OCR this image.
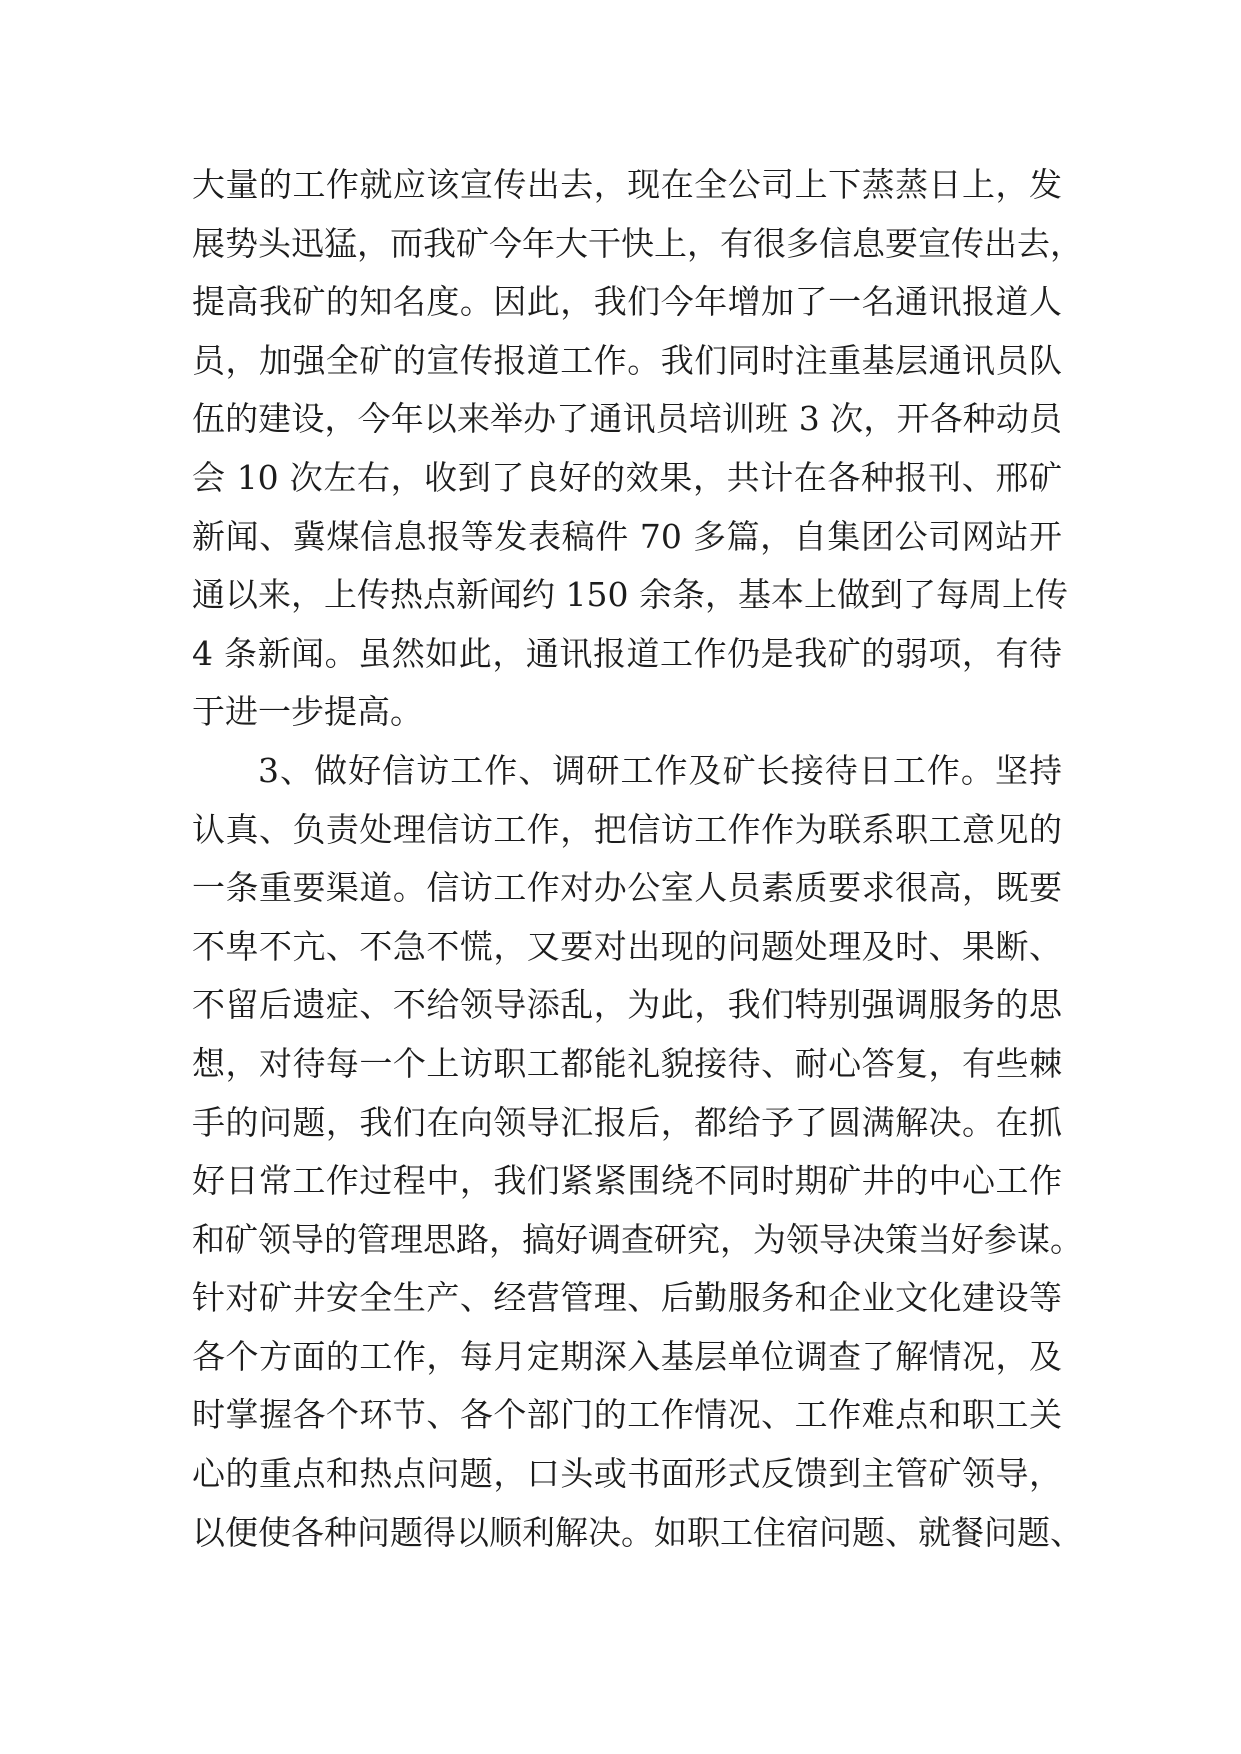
大量的工作就应该宣传出去，现在全公司上下蒸蒸日上，发
展势头迅猛，而我矿今年大干快上，有很多信息要宣传出去，
提高我矿的知名度。因此，我们今年增加了一名通讯报道人
员，加强全矿的宣传报道工作。我们同时注重基层通讯员队
伍的建设，今年以来举办了通讯员培训班 3 次，开各种动员
会 10 次左右，收到了良好的效果，共计在各种报刊、邢矿
新闻、冀煤信息报等发表稿件 70 多篇，自集团公司网站开
通以来，上传热点新闻约 150 余条，基本上做到了每周上传
4 条新闻。虽然如此，通讯报道工作仍是我矿的弱项，有待
于进一步提高。
3、做好信访工作、调研工作及矿长接待日工作。坚持
认真、负责处理信访工作，把信访工作作为联系职工意见的
一条重要渠道。信访工作对办公室人员素质要求很高，既要
不卑不亢、不急不慌，又要对出现的问题处理及时、果断、
不留后遗症、不给领导添乱，为此，我们特别强调服务的思
想，对待每一个上访职工都能礼貌接待、耐心答复，有些棘
手的问题，我们在向领导汇报后，都给予了圆满解决。在抓
好日常工作过程中，我们紧紧围绕不同时期矿井的中心工作
和矿领导的管理思路，搞好调查研究，为领导决策当好参谋。
针对矿井安全生产、经营管理、后勤服务和企业文化建设等
各个方面的工作，每月定期深入基层单位调查了解情况，及
时掌握各个环节、各个部门的工作情况、工作难点和职工关
心的重点和热点问题，口头或书面形式反馈到主管矿领导，
以便使各种问题得以顺利解决。如职工住宿问题、就餐问题、
